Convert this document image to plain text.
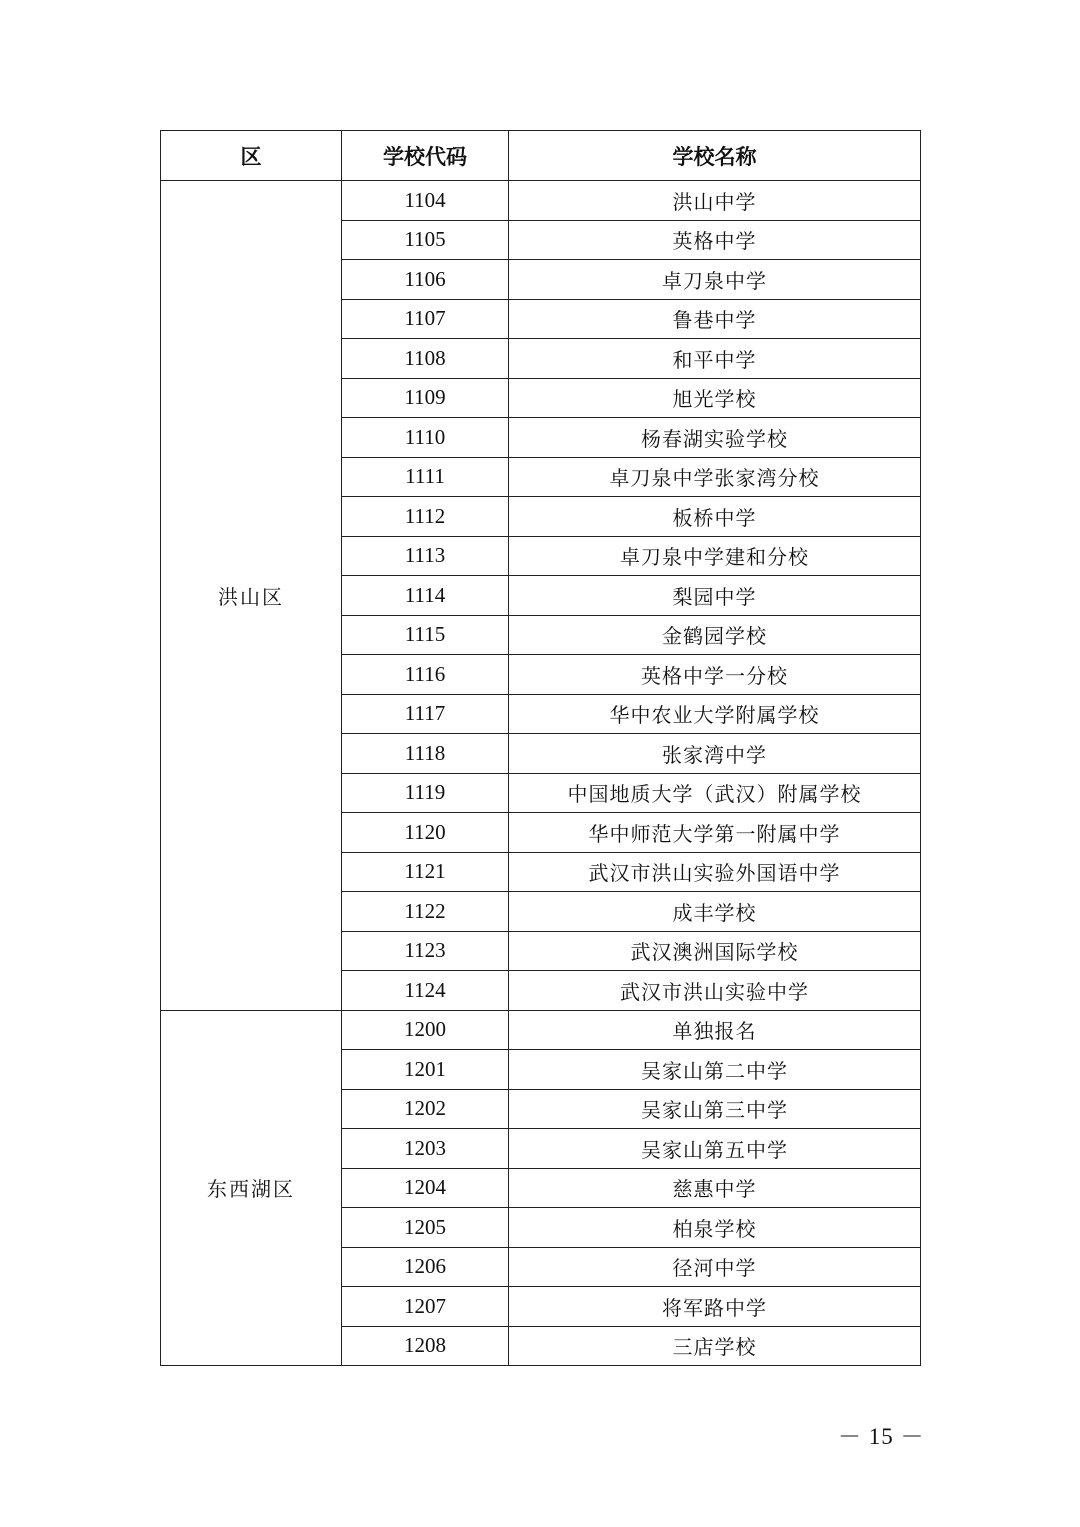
区	学校代码	学校名称
洪山区	1104	洪山中学
	1105	英格中学
	1106	卓刀泉中学
	1107	鲁巷中学
	1108	和平中学
	1109	旭光学校
	1110	杨春湖实验学校
	1111	卓刀泉中学张家湾分校
	1112	板桥中学
	1113	卓刀泉中学建和分校
	1114	梨园中学
	1115	金鹤园学校
	1116	英格中学一分校
	1117	华中农业大学附属学校
	1118	张家湾中学
	1119	中国地质大学（武汉）附属学校
	1120	华中师范大学第一附属中学
	1121	武汉市洪山实验外国语中学
	1122	成丰学校
	1123	武汉澳洲国际学校
	1124	武汉市洪山实验中学
东西湖区	1200	单独报名
	1201	吴家山第二中学
	1202	吴家山第三中学
	1203	吴家山第五中学
	1204	慈惠中学
	1205	柏泉学校
	1206	径河中学
	1207	将军路中学
	1208	三店学校
－ 15 －
